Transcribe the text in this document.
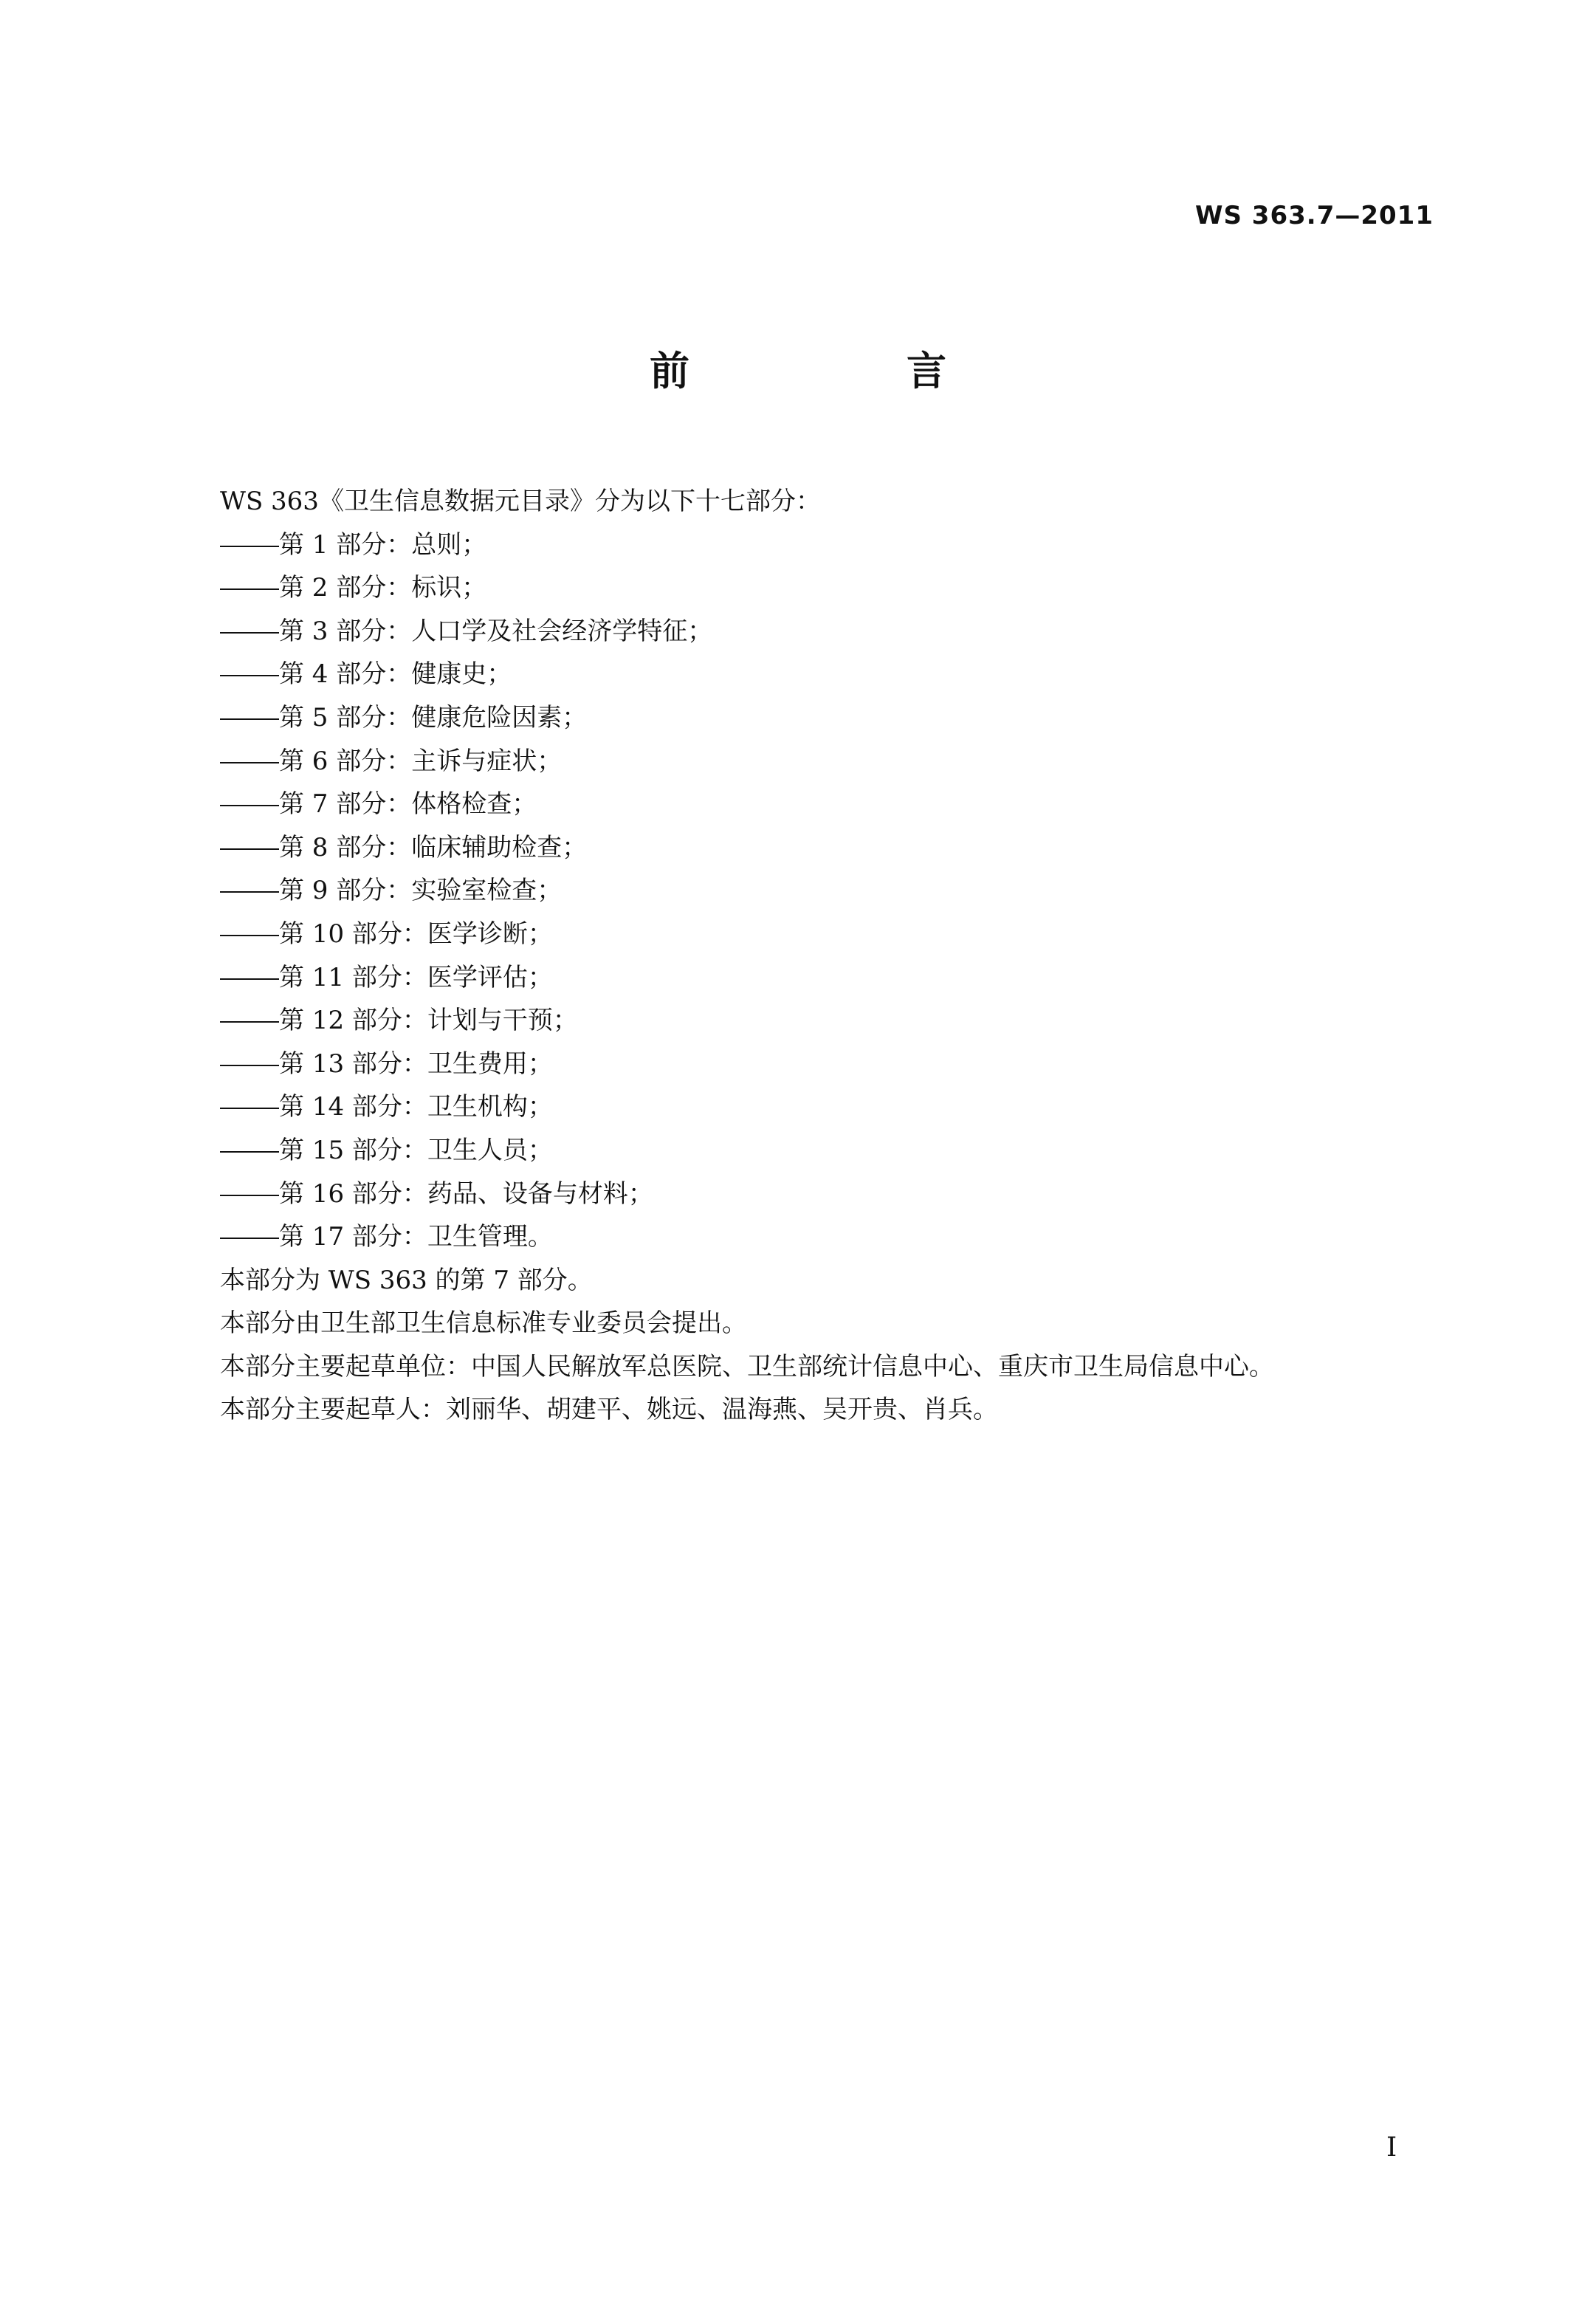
WS 363.7—2011
前　言
WS 363《卫生信息数据元目录》分为以下十七部分：
第 1 部分：总则；
第 2 部分：标识；
第 3 部分：人口学及社会经济学特征；
第 4 部分：健康史；
第 5 部分：健康危险因素；
第 6 部分：主诉与症状；
第 7 部分：体格检查；
第 8 部分：临床辅助检查；
第 9 部分：实验室检查；
第 10 部分：医学诊断；
第 11 部分：医学评估；
第 12 部分：计划与干预；
第 13 部分：卫生费用；
第 14 部分：卫生机构；
第 15 部分：卫生人员；
第 16 部分：药品、设备与材料；
第 17 部分：卫生管理。
本部分为 WS 363 的第 7 部分。
本部分由卫生部卫生信息标准专业委员会提出。
本部分主要起草单位：中国人民解放军总医院、卫生部统计信息中心、重庆市卫生局信息中心。
本部分主要起草人：刘丽华、胡建平、姚远、温海燕、吴开贵、肖兵。
I
